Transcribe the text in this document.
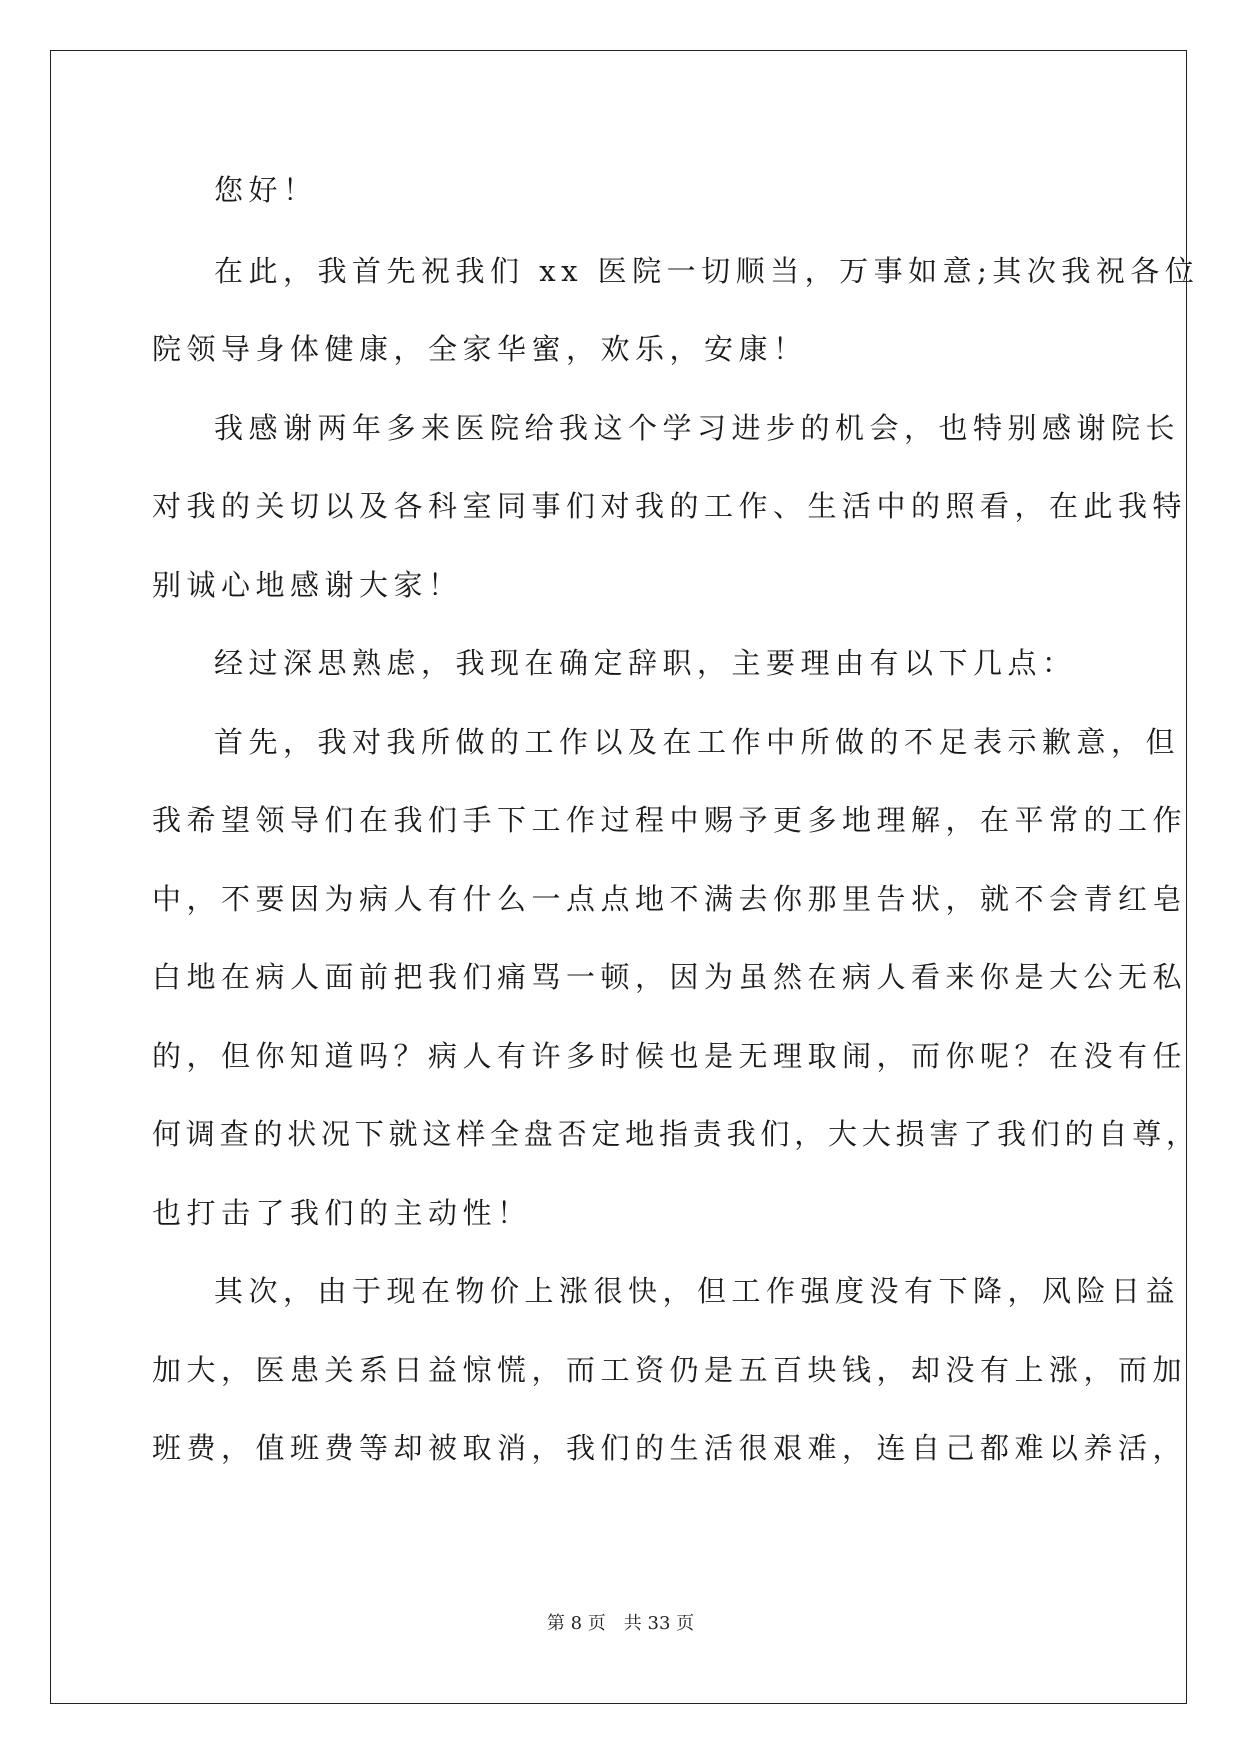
您好！
在此，我首先祝我们 xx 医院一切顺当，万事如意;其次我祝各位
院领导身体健康，全家华蜜，欢乐，安康！
我感谢两年多来医院给我这个学习进步的机会，也特别感谢院长
对我的关切以及各科室同事们对我的工作、生活中的照看，在此我特
别诚心地感谢大家！
经过深思熟虑，我现在确定辞职，主要理由有以下几点：
首先，我对我所做的工作以及在工作中所做的不足表示歉意，但
我希望领导们在我们手下工作过程中赐予更多地理解，在平常的工作
中，不要因为病人有什么一点点地不满去你那里告状，就不会青红皂
白地在病人面前把我们痛骂一顿，因为虽然在病人看来你是大公无私
的，但你知道吗？病人有许多时候也是无理取闹，而你呢？在没有任
何调查的状况下就这样全盘否定地指责我们，大大损害了我们的自尊，
也打击了我们的主动性！
其次，由于现在物价上涨很快，但工作强度没有下降，风险日益
加大，医患关系日益惊慌，而工资仍是五百块钱，却没有上涨，而加
班费，值班费等却被取消，我们的生活很艰难，连自己都难以养活，
第 8 页 共 33 页
